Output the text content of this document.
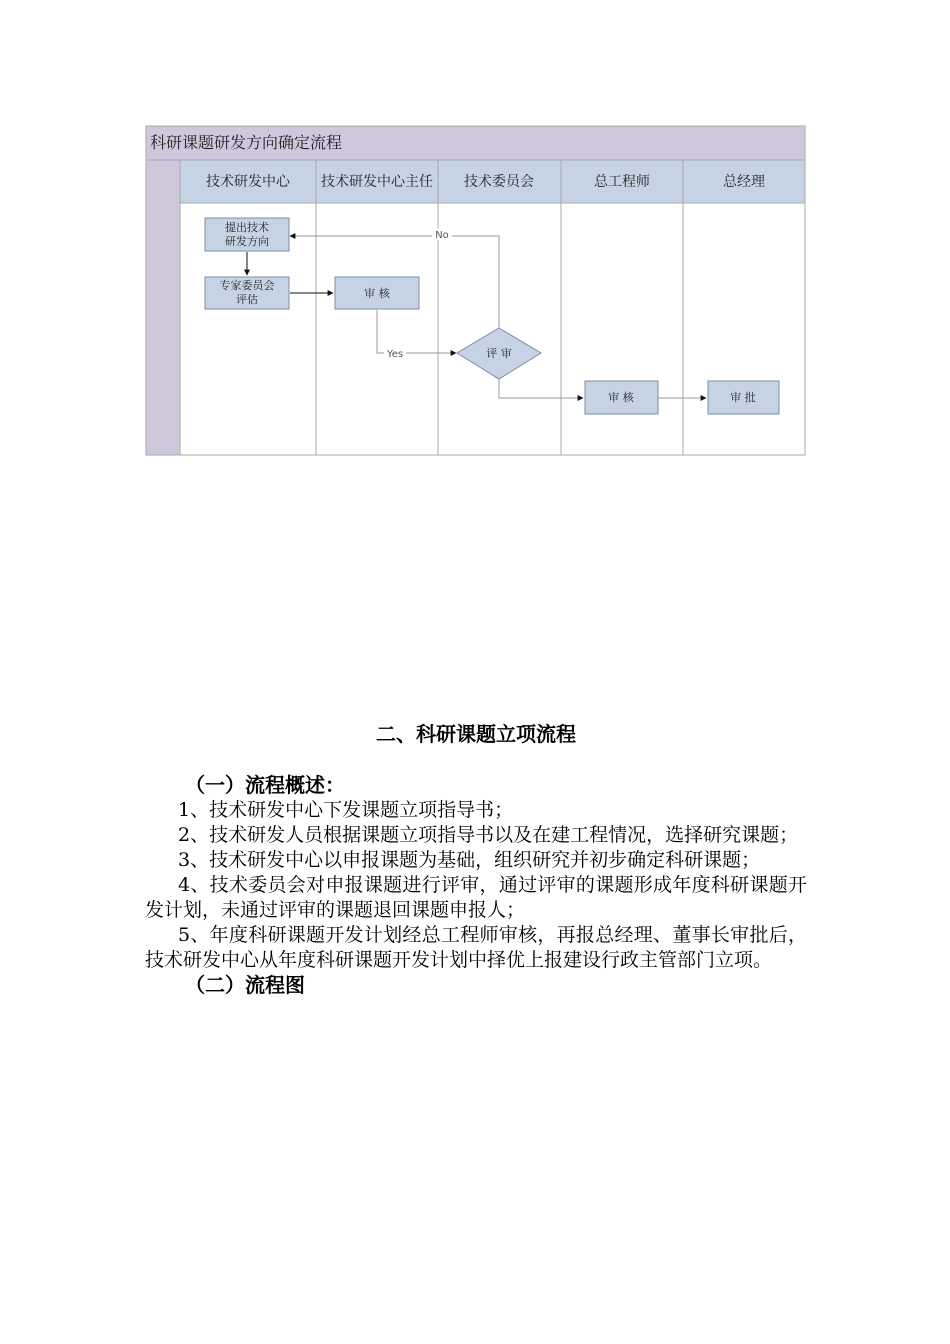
科研课题研发方向确定流程
技术研发中心 技术研发中心主任 技术委员会	总工程师	总经理
No
Yes
提出技术
研发方向
专家委员会
评估	审 核
评 审
审 核	审 批
二、科研课题立项流程

（一）流程概述：

1、技术研发中心下发课题立项指导书；

2、技术研发人员根据课题立项指导书以及在建工程情况，选择研究课题；

3、技术研发中心以申报课题为基础，组织研究并初步确定科研课题；

4、技术委员会对申报课题进行评审，通过评审的课题形成年度科研课题开发计划，未通过评审的课题退回课题申报人；

5、年度科研课题开发计划经总工程师审核，再报总经理、董事长审批后，技术研发中心从年度科研课题开发计划中择优上报建设行政主管部门立项。

（二）流程图
